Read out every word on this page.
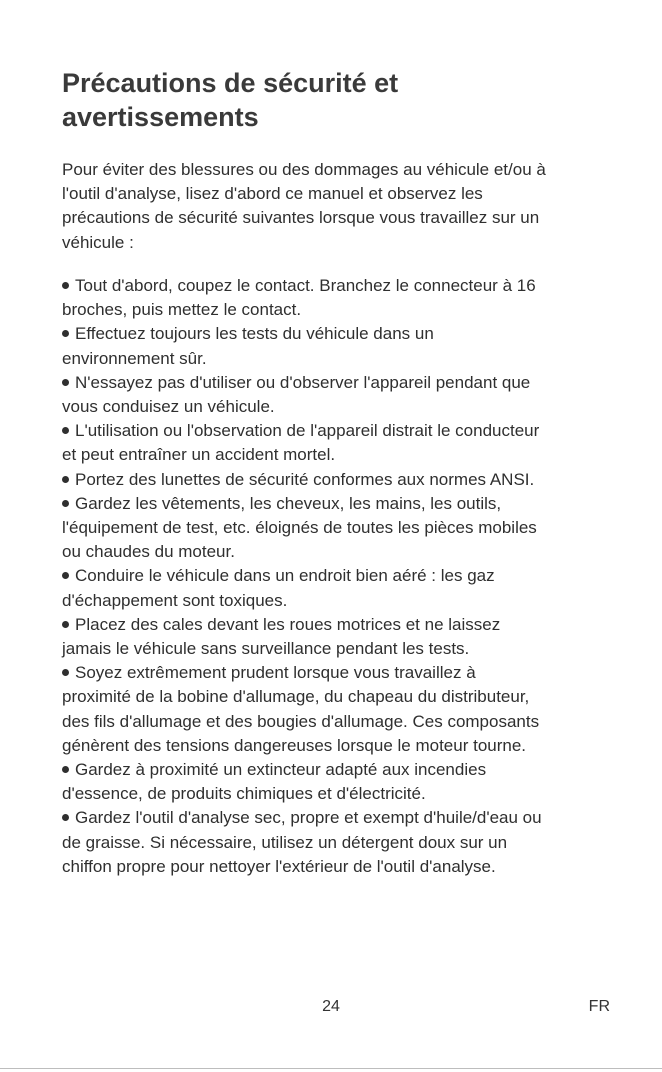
Précautions de sécurité et
avertissements

Pour éviter des blessures ou des dommages au véhicule et/ou à
l'outil d'analyse, lisez d'abord ce manuel et observez les
précautions de sécurité suivantes lorsque vous travaillez sur un
véhicule :

Tout d'abord, coupez le contact. Branchez le connecteur à 16
broches, puis mettez le contact.
Effectuez toujours les tests du véhicule dans un
environnement sûr.
N'essayez pas d'utiliser ou d'observer l'appareil pendant que
vous conduisez un véhicule.
L'utilisation ou l'observation de l'appareil distrait le conducteur
et peut entraîner un accident mortel.
Portez des lunettes de sécurité conformes aux normes ANSI.
Gardez les vêtements, les cheveux, les mains, les outils,
l'équipement de test, etc. éloignés de toutes les pièces mobiles
ou chaudes du moteur.
Conduire le véhicule dans un endroit bien aéré : les gaz
d'échappement sont toxiques.
Placez des cales devant les roues motrices et ne laissez
jamais le véhicule sans surveillance pendant les tests.
Soyez extrêmement prudent lorsque vous travaillez à
proximité de la bobine d'allumage, du chapeau du distributeur,
des fils d'allumage et des bougies d'allumage. Ces composants
génèrent des tensions dangereuses lorsque le moteur tourne.
Gardez à proximité un extincteur adapté aux incendies
d'essence, de produits chimiques et d'électricité.
Gardez l'outil d'analyse sec, propre et exempt d'huile/d'eau ou
de graisse. Si nécessaire, utilisez un détergent doux sur un
chiffon propre pour nettoyer l'extérieur de l'outil d'analyse.
24	FR
